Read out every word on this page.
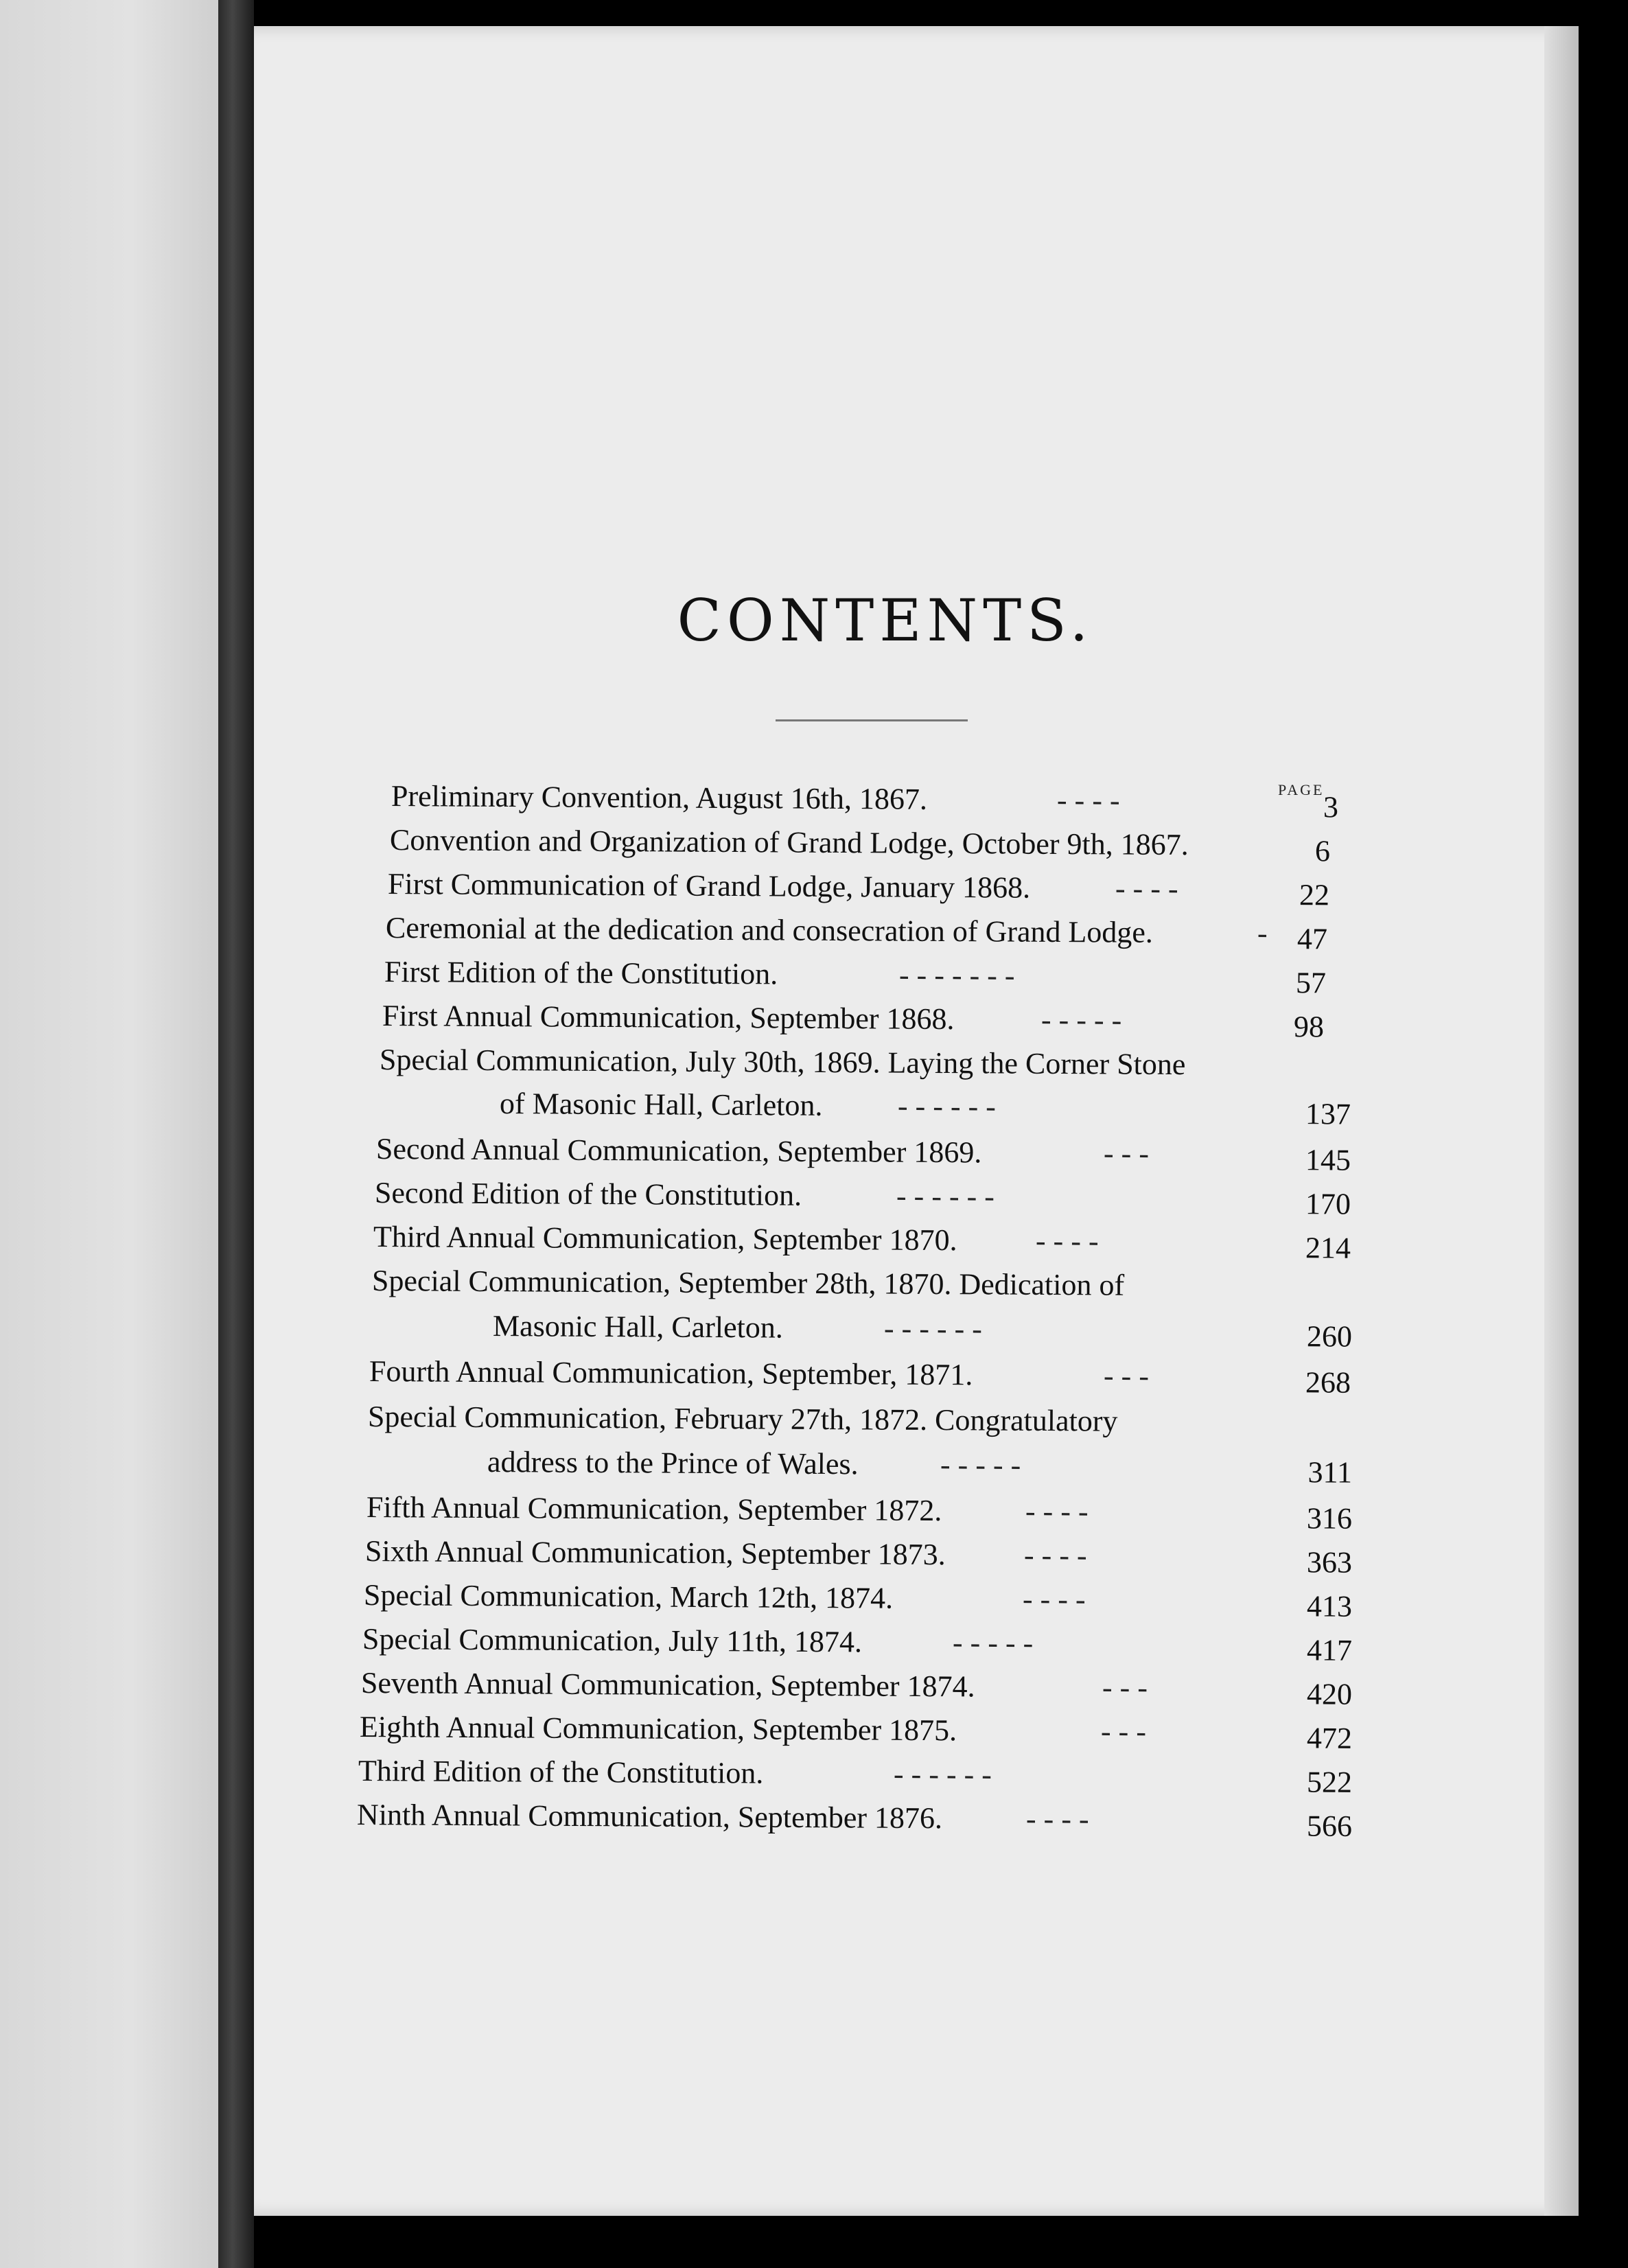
CONTENTS.
PAGE
Preliminary Convention, August 16th, 1867.	- - - -	3
Convention and Organization of Grand Lodge, October 9th, 1867.	6
First Communication of Grand Lodge, January 1868.	- - - -	22
Ceremonial at the dedication and consecration of Grand Lodge.	- 47
First Edition of the Constitution.	- - - - - - -	57
First Annual Communication, September 1868.	- - - - -	98
Special Communication, July 30th, 1869. Laying the Corner Stone
of Masonic Hall, Carleton. - - - - - -	137
Second Annual Communication, September 1869.	- - -	145
Second Edition of the Constitution.	- - - - - -	170
Third Annual Communication, September 1870.	- - - -	214
Special Communication, September 28th, 1870. Dedication of
Masonic Hall, Carleton.	- - - - - -	260
Fourth Annual Communication, September, 1871.	- - -	268
Special Communication, February 27th, 1872. Congratulatory
address to the Prince of Wales.	- - - - -	311
Fifth Annual Communication, September 1872.	- - - -	316
Sixth Annual Communication, September 1873.	- - - -	363
Special Communication, March 12th, 1874.	- - - -	413
Special Communication, July 11th, 1874.	- - - - -	417
Seventh Annual Communication, September 1874.	- - -	420
Eighth Annual Communication, September 1875.	- - -	472
Third Edition of the Constitution.	- - - - - -	522
Ninth Annual Communication, September 1876.	- - - -	566
